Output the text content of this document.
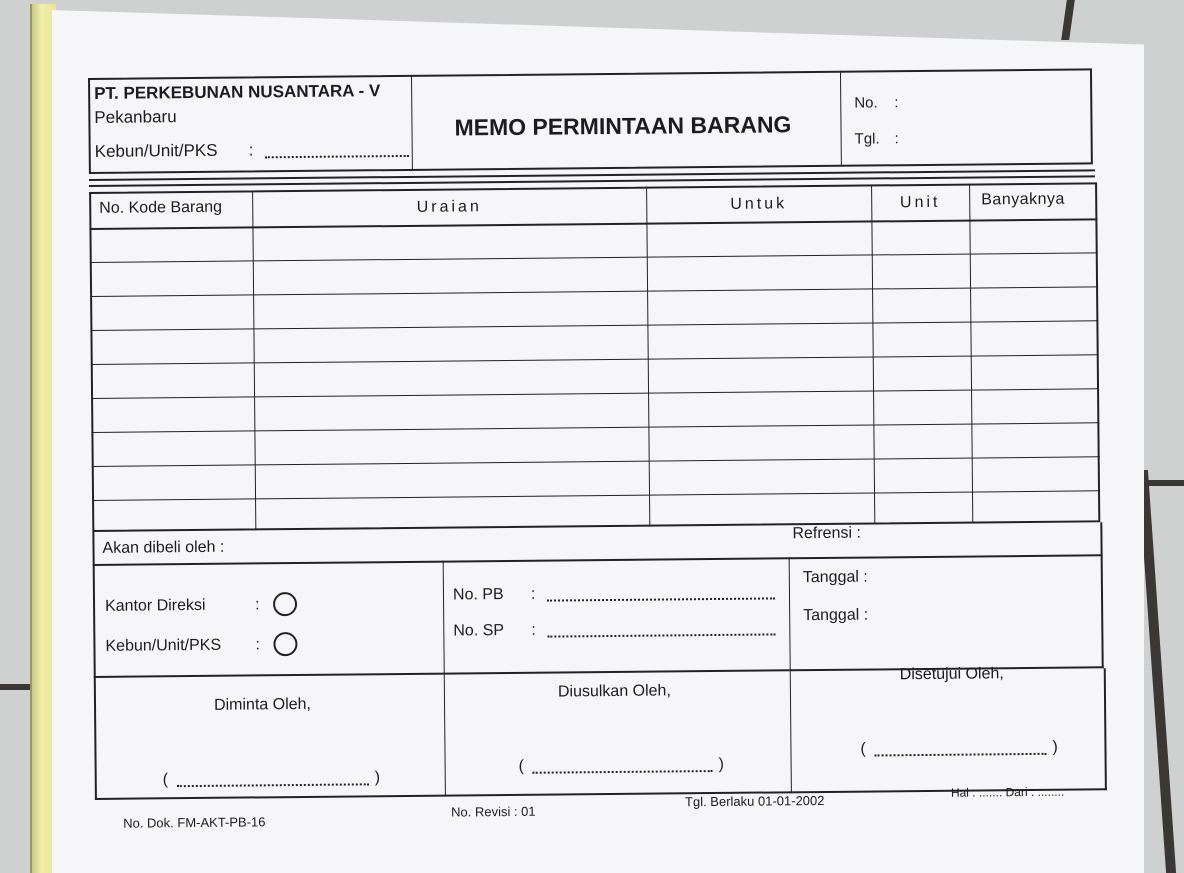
PT. PERKEBUNAN NUSANTARA - V
Pekanbaru
Kebun/Unit/PKS :
MEMO PERMINTAAN BARANG
No. :
Tgl. :
No. Kode Barang	Uraian	Untuk	Unit	Banyaknya
Akan dibeli oleh :
Refrensi :
Kantor Direksi	:
Kebun/Unit/PKS :
No. PB :
No. SP :
Tanggal :
Tanggal :
Diminta Oleh,
Diusulkan Oleh,
Disetujui Oleh,
(	)
(	)
(	)
No. Dok. FM-AKT-PB-16
No. Revisi : 01
Tgl. Berlaku 01-01-2002
Hal : ....... Dari : ........
